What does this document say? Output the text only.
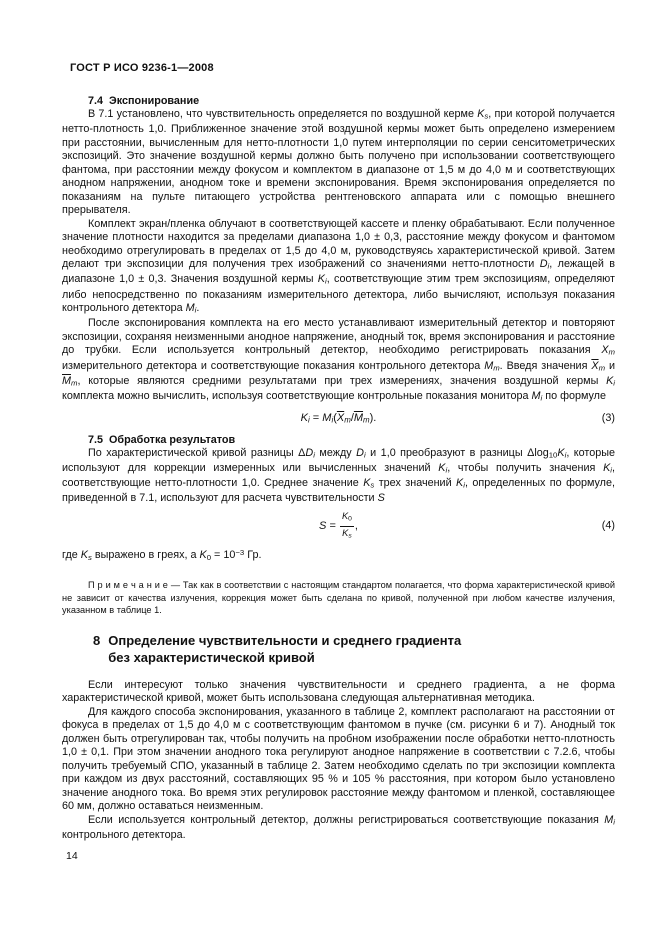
ГОСТ Р ИСО 9236-1—2008

7.4 Экспонирование

В 7.1 установлено, что чувствительность определяется по воздушной керме $K_s$, при которой получается нетто-плотность 1,0. Приближенное значение этой воздушной кермы может быть определено измерением при расстоянии, вычисленным для нетто-плотности 1,0 путем интерполяции по серии сенситометрических экспозиций. Это значение воздушной кермы должно быть получено при использовании соответствующего фантома, при расстоянии между фокусом и комплектом в диапазоне от 1,5 м до 4,0 м и соответствующих анодном напряжении, анодном токе и времени экспонирования. Время экспонирования определяется по показаниям на пульте питающего устройства рентгеновского аппарата или с помощью внешнего прерывателя.

Комплект экран/пленка облучают в соответствующей кассете и пленку обрабатывают. Если полученное значение плотности находится за пределами диапазона 1,0 ± 0,3, расстояние между фокусом и фантомом необходимо отрегулировать в пределах от 1,5 до 4,0 м, руководствуясь характеристической кривой. Затем делают три экспозиции для получения трех изображений со значениями нетто-плотности $D_i$, лежащей в диапазоне 1,0 ± 0,3. Значения воздушной кермы $K_i$, соответствующие этим трем экспозициям, определяют либо непосредственно по показаниям измерительного детектора, либо вычисляют, используя показания контрольного детектора $M_i$.

После экспонирования комплекта на его место устанавливают измерительный детектор и повторяют экспозиции, сохраняя неизменными анодное напряжение, анодный ток, время экспонирования и расстояние до трубки. Если используется контрольный детектор, необходимо регистрировать показания $X_m$ измерительного детектора и соответствующие показания контрольного детектора $M_m$. Введя значения $\overline{X}_m$ и $\overline{M}_m$, которые являются средними результатами при трех измерениях, значения воздушной кермы $K_i$ комплекта можно вычислить, используя соответствующие контрольные показания монитора $M_i$ по формуле

$K_i = M_i(\overline{X}_m/\overline{M}_m)$.	(3)

7.5 Обработка результатов

По характеристической кривой разницы $\Delta D_i$ между $D_i$ и 1,0 преобразуют в разницы $\Delta\log_{10}K_i$, которые используют для коррекции измеренных или вычисленных значений $K_i$, чтобы получить значения $K_i$, соответствующие нетто-плотности 1,0. Среднее значение $K_s$ трех значений $K_i$, определенных по формуле, приведенной в 7.1, используют для расчета чувствительности S

$S = \frac{K_0}{K_s}$ ,	(4)

где $K_s$ выражено в греях, а $K_0 = 10^{-3}$ Гр.

П р и м е ч а н и е — Так как в соответствии с настоящим стандартом полагается, что форма характеристической кривой не зависит от качества излучения, коррекция может быть сделана по кривой, полученной при любом качестве излучения, указанном в таблице 1.

8 Определение чувствительности и среднего градиента
без характеристической кривой

Если интересуют только значения чувствительности и среднего градиента, а не форма характеристической кривой, может быть использована следующая альтернативная методика.

Для каждого способа экспонирования, указанного в таблице 2, комплект располагают на расстоянии от фокуса в пределах от 1,5 до 4,0 м с соответствующим фантомом в пучке (см. рисунки 6 и 7). Анодный ток должен быть отрегулирован так, чтобы получить на пробном изображении после обработки нетто-плотность 1,0 ± 0,1. При этом значении анодного тока регулируют анодное напряжение в соответствии с 7.2.6, чтобы получить требуемый СПО, указанный в таблице 2. Затем необходимо сделать по три экспозиции комплекта при каждом из двух расстояний, составляющих 95 % и 105 % расстояния, при котором было установлено значение анодного тока. Во время этих регулировок расстояние между фантомом и пленкой, составляющее 60 мм, должно оставаться неизменным.

Если используется контрольный детектор, должны регистрироваться соответствующие показания $M_i$ контрольного детектора.

14
